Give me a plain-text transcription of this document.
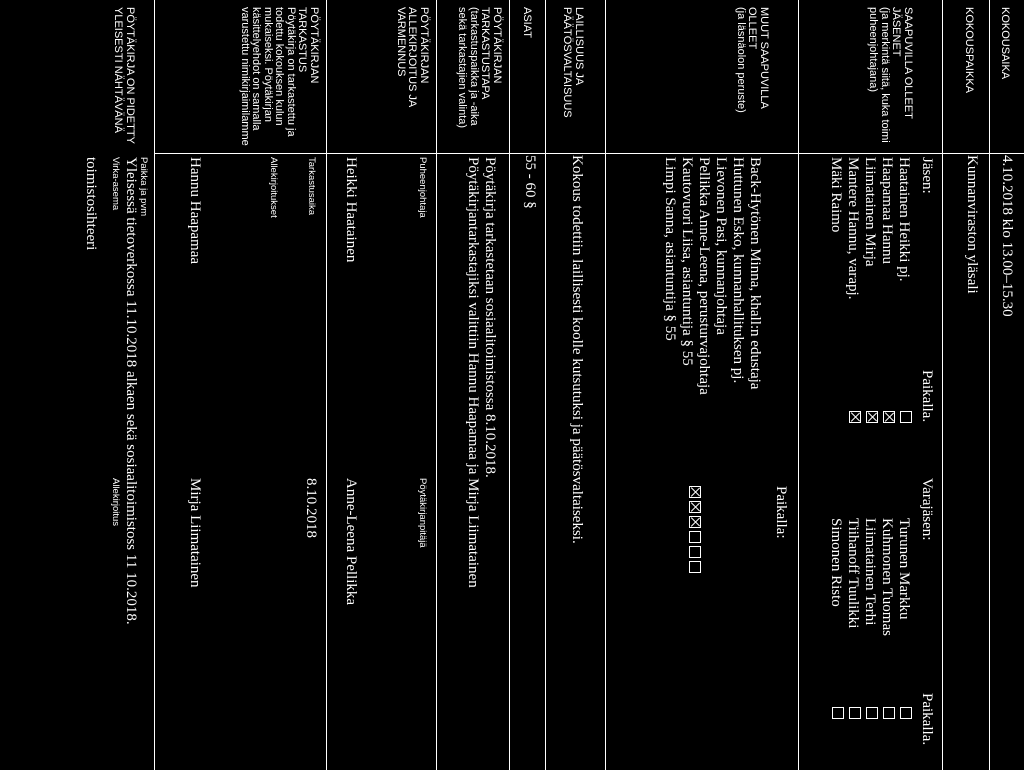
KOKOUSAIKA
4.10.2018 klo 13.00–15.30
KOKOUSPAIKKA
Kunnanviraston yläsali
SAAPUVILLA OLLEET JÄSENET
(ja merkintä siitä, kuka toimi puheenjohtajana)
Jäsen:
Paikalla.
Varajäsen:
Paikalla.
Haatainen Heikki pj.
Haapamaa Hannu
Liimatainen Mirja
Mantere Hannu, varapj.
Mäki Raimo
Turunen Markku
Kuhmonen Tuomas
Liimatainen Terhi
Tiihanoff Tuulikki
Simonen Risto
MUUT SAAPUVILLA OLLEET
(ja läsnäolon peruste)
Paikalla:
Back-Hytönen Minna, khall:n edustaja
Huttunen Esko, kunnanhallituksen pj.
Lievonen Pasi, kunnanjohtaja
Pellikka Anne-Leena, perusturvajohtaja
Kautovuori Liisa, asiantuntija § 55
Limpi Sanna, asiantuntija § 55
LAILLISUUS JA PÄÄTÖSVALTAISUUS
Kokous todettiin laillisesti koolle kutsutuksi ja päätösvaltaiseksi.
ASIAT
55 - 60 §
PÖYTÄKIRJAN TARKASTUSTAPA
(tarkastuspaikka ja -aika sekä tarkastajien valinta)
Pöytäkirja tarkastetaan sosiaalitoimistossa 8.10.2018.
Pöytäkirjantarkastajiksi valittiin Hannu Haapamaa ja Mirja Liimatainen
PÖYTÄKIRJAN ALLEKIRJOITUS JA VARMENNUS
Puheenjohtaja
Pöytäkirjanpitäjä
Heikki Haatainen
Anne-Leena Pellikka
PÖYTÄKIRJAN TARKASTUS
Pöytäkirja on tarkastettu ja todettu kokouksen kulun mukaiseksi. Pöytäkirjan käsittelyehdot on samalla varustettu nimikirjaimilamme
Tarkastusaika
8.10.2018
Allekirjoitukset
Hannu Haapamaa
Mirja Liimatainen
PÖYTÄKIRJA ON PIDETTY YLEISESTI NÄHTÄVÄNÄ
Paikka ja pvm
Yleisessä tietoverkossa 11.10.2018 alkaen sekä sosiaalitoimistoss 11 10.2018.
Virka-asema
Allekirjoitus
toimistosihteeri
